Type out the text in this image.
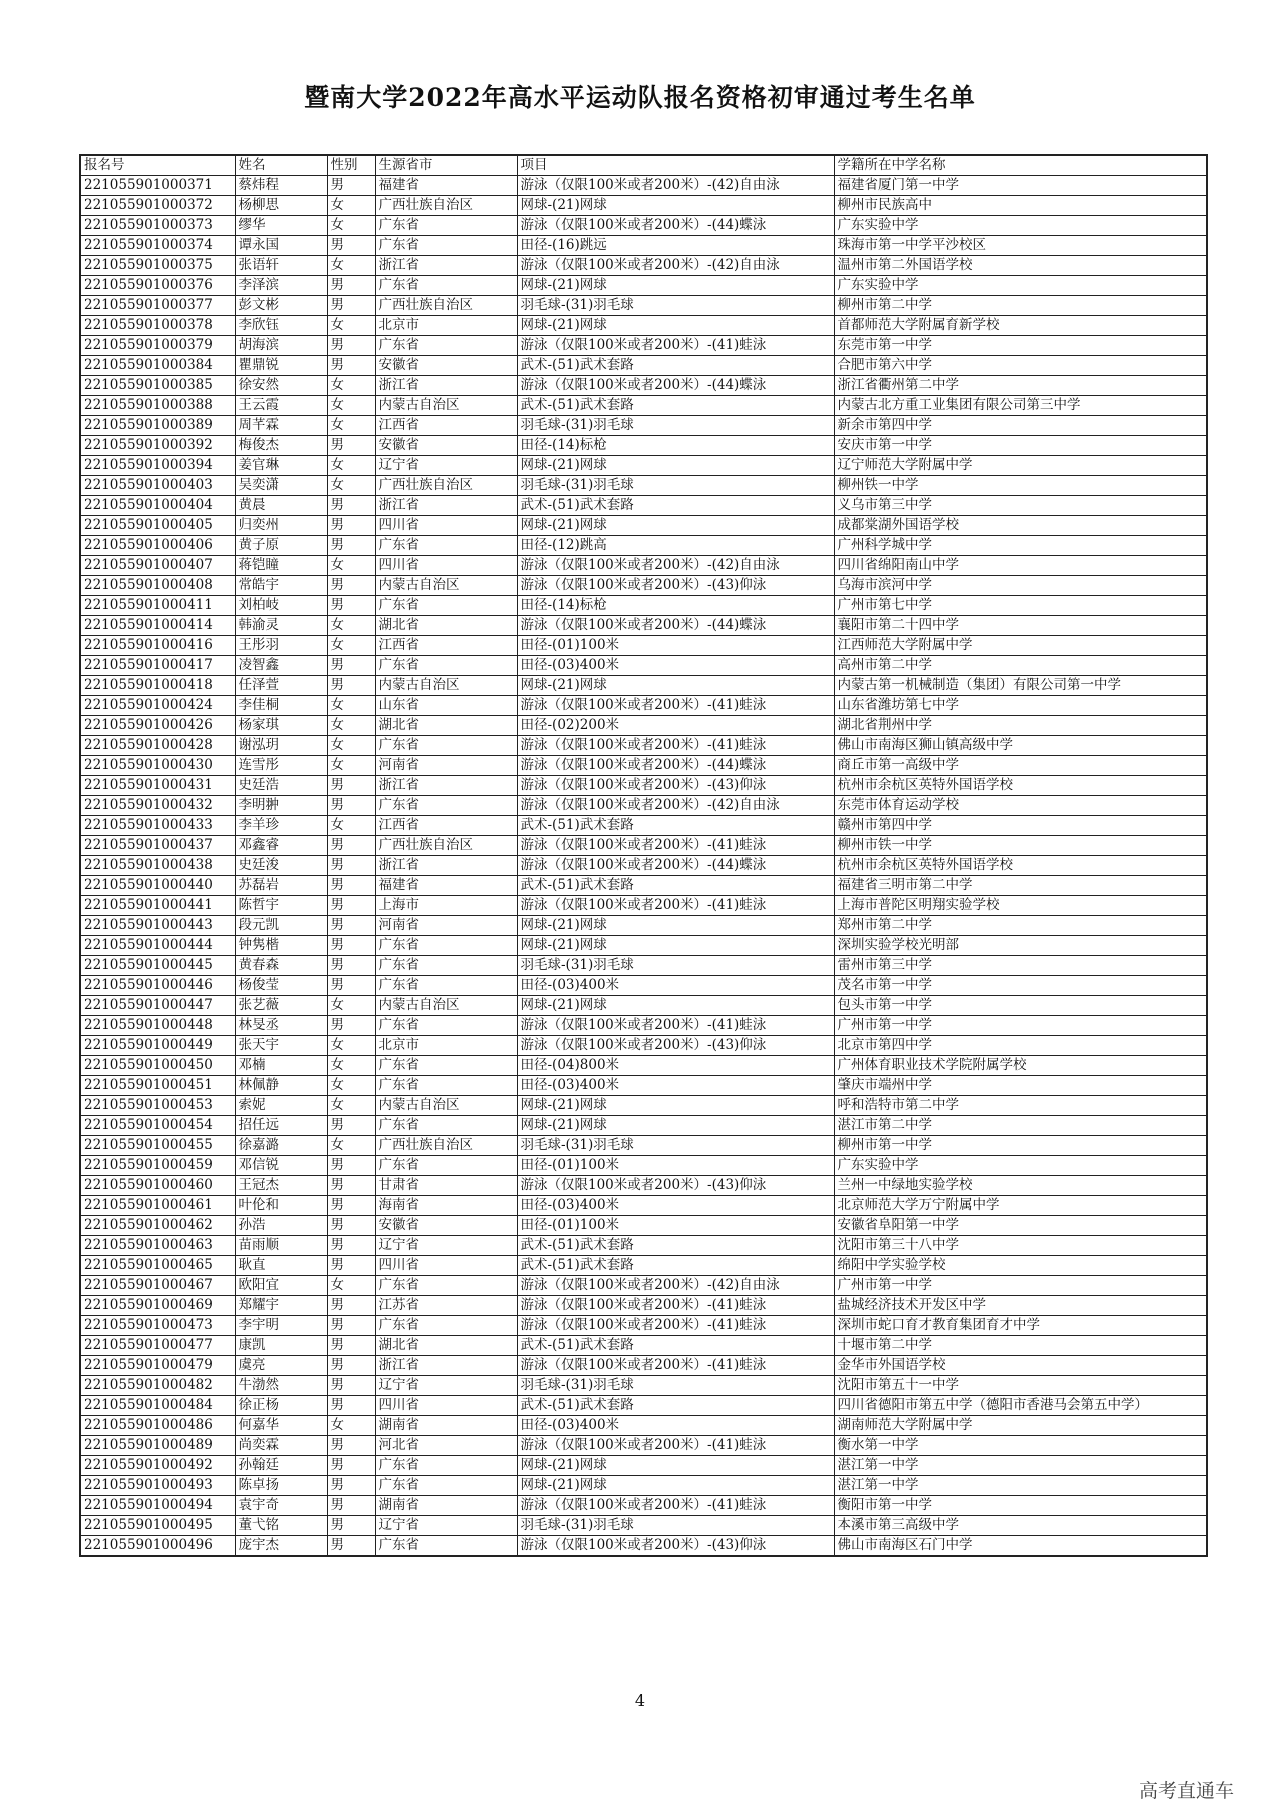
暨南大学2022年高水平运动队报名资格初审通过考生名单
报名号	姓名	性别	生源省市	项目	学籍所在中学名称
221055901000371	蔡炜程	男	福建省	游泳（仅限100米或者200米）-(42)自由泳	福建省厦门第一中学
221055901000372	杨柳思	女	广西壮族自治区	网球-(21)网球	柳州市民族高中
221055901000373	缪华	女	广东省	游泳（仅限100米或者200米）-(44)蝶泳	广东实验中学
221055901000374	谭永国	男	广东省	田径-(16)跳远	珠海市第一中学平沙校区
221055901000375	张语轩	女	浙江省	游泳（仅限100米或者200米）-(42)自由泳	温州市第二外国语学校
221055901000376	李泽滨	男	广东省	网球-(21)网球	广东实验中学
221055901000377	彭文彬	男	广西壮族自治区	羽毛球-(31)羽毛球	柳州市第二中学
221055901000378	李欣钰	女	北京市	网球-(21)网球	首都师范大学附属育新学校
221055901000379	胡海滨	男	广东省	游泳（仅限100米或者200米）-(41)蛙泳	东莞市第一中学
221055901000384	瞿鼎锐	男	安徽省	武术-(51)武术套路	合肥市第六中学
221055901000385	徐安然	女	浙江省	游泳（仅限100米或者200米）-(44)蝶泳	浙江省衢州第二中学
221055901000388	王云霞	女	内蒙古自治区	武术-(51)武术套路	内蒙古北方重工业集团有限公司第三中学
221055901000389	周芊霖	女	江西省	羽毛球-(31)羽毛球	新余市第四中学
221055901000392	梅俊杰	男	安徽省	田径-(14)标枪	安庆市第一中学
221055901000394	姜官琳	女	辽宁省	网球-(21)网球	辽宁师范大学附属中学
221055901000403	吴奕潇	女	广西壮族自治区	羽毛球-(31)羽毛球	柳州铁一中学
221055901000404	黄晨	男	浙江省	武术-(51)武术套路	义乌市第三中学
221055901000405	归奕州	男	四川省	网球-(21)网球	成都棠湖外国语学校
221055901000406	黄子原	男	广东省	田径-(12)跳高	广州科学城中学
221055901000407	蒋铠瞳	女	四川省	游泳（仅限100米或者200米）-(42)自由泳	四川省绵阳南山中学
221055901000408	常皓宇	男	内蒙古自治区	游泳（仅限100米或者200米）-(43)仰泳	乌海市滨河中学
221055901000411	刘柏岐	男	广东省	田径-(14)标枪	广州市第七中学
221055901000414	韩渝灵	女	湖北省	游泳（仅限100米或者200米）-(44)蝶泳	襄阳市第二十四中学
221055901000416	王彤羽	女	江西省	田径-(01)100米	江西师范大学附属中学
221055901000417	凌智鑫	男	广东省	田径-(03)400米	高州市第二中学
221055901000418	任泽萱	男	内蒙古自治区	网球-(21)网球	内蒙古第一机械制造（集团）有限公司第一中学
221055901000424	李佳桐	女	山东省	游泳（仅限100米或者200米）-(41)蛙泳	山东省潍坊第七中学
221055901000426	杨家琪	女	湖北省	田径-(02)200米	湖北省荆州中学
221055901000428	谢泓玥	女	广东省	游泳（仅限100米或者200米）-(41)蛙泳	佛山市南海区狮山镇高级中学
221055901000430	连雪彤	女	河南省	游泳（仅限100米或者200米）-(44)蝶泳	商丘市第一高级中学
221055901000431	史廷浩	男	浙江省	游泳（仅限100米或者200米）-(43)仰泳	杭州市余杭区英特外国语学校
221055901000432	李明翀	男	广东省	游泳（仅限100米或者200米）-(42)自由泳	东莞市体育运动学校
221055901000433	李羊珍	女	江西省	武术-(51)武术套路	赣州市第四中学
221055901000437	邓鑫睿	男	广西壮族自治区	游泳（仅限100米或者200米）-(41)蛙泳	柳州市铁一中学
221055901000438	史廷浚	男	浙江省	游泳（仅限100米或者200米）-(44)蝶泳	杭州市余杭区英特外国语学校
221055901000440	苏磊岩	男	福建省	武术-(51)武术套路	福建省三明市第二中学
221055901000441	陈哲宇	男	上海市	游泳（仅限100米或者200米）-(41)蛙泳	上海市普陀区明翔实验学校
221055901000443	段元凯	男	河南省	网球-(21)网球	郑州市第二中学
221055901000444	钟隽楷	男	广东省	网球-(21)网球	深圳实验学校光明部
221055901000445	黄春森	男	广东省	羽毛球-(31)羽毛球	雷州市第三中学
221055901000446	杨俊莹	男	广东省	田径-(03)400米	茂名市第一中学
221055901000447	张艺薇	女	内蒙古自治区	网球-(21)网球	包头市第一中学
221055901000448	林旻丞	男	广东省	游泳（仅限100米或者200米）-(41)蛙泳	广州市第一中学
221055901000449	张天宇	女	北京市	游泳（仅限100米或者200米）-(43)仰泳	北京市第四中学
221055901000450	邓楠	女	广东省	田径-(04)800米	广州体育职业技术学院附属学校
221055901000451	林佩静	女	广东省	田径-(03)400米	肇庆市端州中学
221055901000453	索妮	女	内蒙古自治区	网球-(21)网球	呼和浩特市第二中学
221055901000454	招任远	男	广东省	网球-(21)网球	湛江市第二中学
221055901000455	徐嘉潞	女	广西壮族自治区	羽毛球-(31)羽毛球	柳州市第一中学
221055901000459	邓信锐	男	广东省	田径-(01)100米	广东实验中学
221055901000460	王冠杰	男	甘肃省	游泳（仅限100米或者200米）-(43)仰泳	兰州一中绿地实验学校
221055901000461	叶伦和	男	海南省	田径-(03)400米	北京师范大学万宁附属中学
221055901000462	孙浩	男	安徽省	田径-(01)100米	安徽省阜阳第一中学
221055901000463	苗雨顺	男	辽宁省	武术-(51)武术套路	沈阳市第三十八中学
221055901000465	耿直	男	四川省	武术-(51)武术套路	绵阳中学实验学校
221055901000467	欧阳宜	女	广东省	游泳（仅限100米或者200米）-(42)自由泳	广州市第一中学
221055901000469	郑耀宇	男	江苏省	游泳（仅限100米或者200米）-(41)蛙泳	盐城经济技术开发区中学
221055901000473	李宇明	男	广东省	游泳（仅限100米或者200米）-(41)蛙泳	深圳市蛇口育才教育集团育才中学
221055901000477	康凯	男	湖北省	武术-(51)武术套路	十堰市第二中学
221055901000479	虞亮	男	浙江省	游泳（仅限100米或者200米）-(41)蛙泳	金华市外国语学校
221055901000482	牛渤然	男	辽宁省	羽毛球-(31)羽毛球	沈阳市第五十一中学
221055901000484	徐正杨	男	四川省	武术-(51)武术套路	四川省德阳市第五中学（德阳市香港马会第五中学）
221055901000486	何嘉华	女	湖南省	田径-(03)400米	湖南师范大学附属中学
221055901000489	尚奕霖	男	河北省	游泳（仅限100米或者200米）-(41)蛙泳	衡水第一中学
221055901000492	孙翰廷	男	广东省	网球-(21)网球	湛江第一中学
221055901000493	陈卓扬	男	广东省	网球-(21)网球	湛江第一中学
221055901000494	袁宇奇	男	湖南省	游泳（仅限100米或者200米）-(41)蛙泳	衡阳市第一中学
221055901000495	董弋铭	男	辽宁省	羽毛球-(31)羽毛球	本溪市第三高级中学
221055901000496	庞宇杰	男	广东省	游泳（仅限100米或者200米）-(43)仰泳	佛山市南海区石门中学
4
高考直通车
